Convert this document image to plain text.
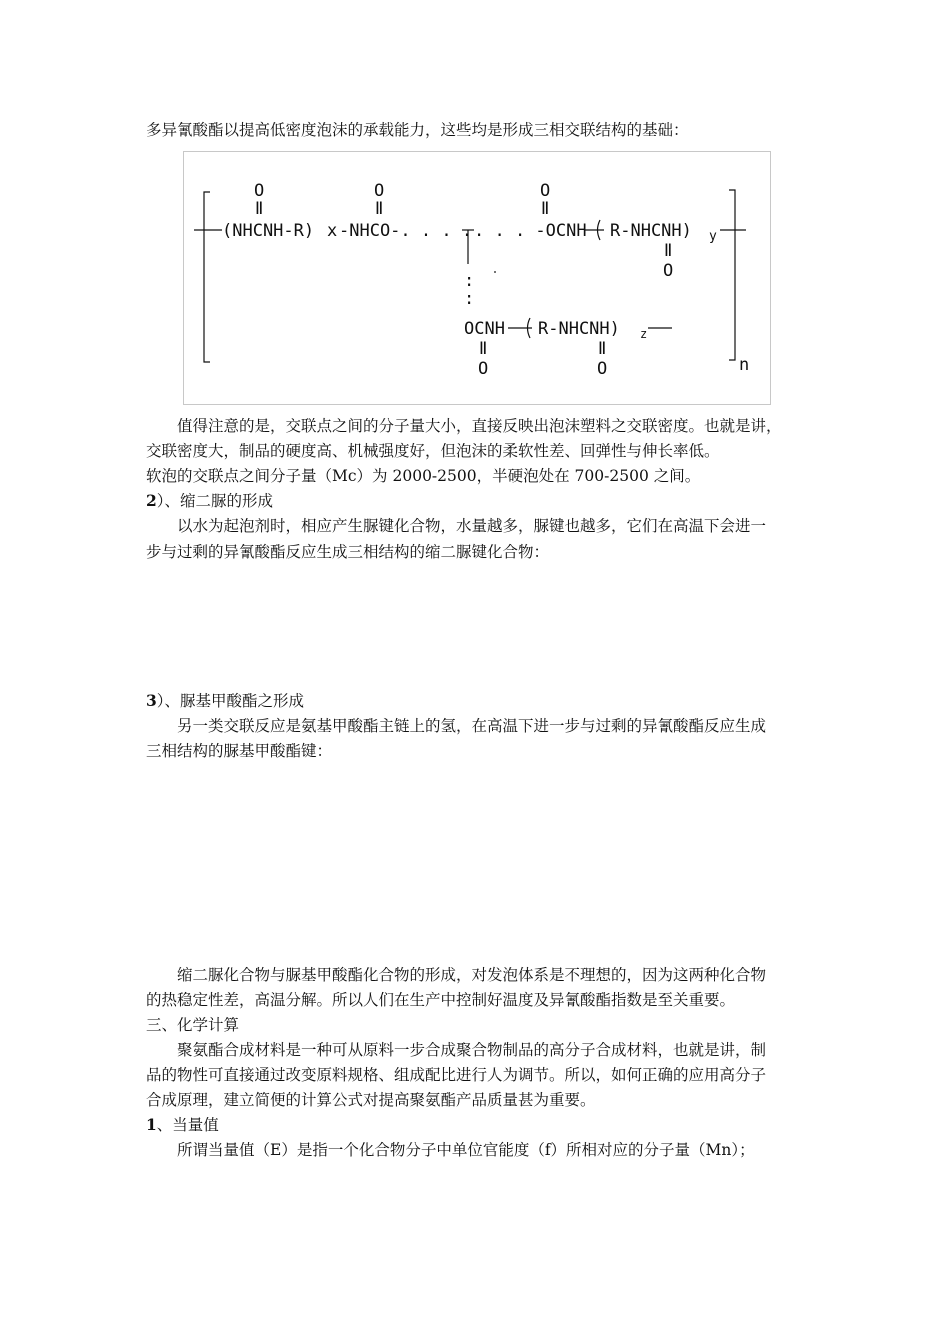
多异氰酸酯以提高低密度泡沫的承载能力，这些均是形成三相交联结构的基础：
O
ǁ
O
ǁ
O
ǁ
(NHCNH-R) x -NHCO-. . . . . . . -OCNH R-NHCNH) y
ǁ
O
:
:
OCNH R-NHCNH) z
ǁ
O
ǁ
O	n
值得注意的是，交联点之间的分子量大小，直接反映出泡沫塑料之交联密度。也就是讲，
交联密度大，制品的硬度高、机械强度好，但泡沫的柔软性差、回弹性与伸长率低。
软泡的交联点之间分子量（Mc）为 2000-2500，半硬泡处在 700-2500 之间。
2）、缩二脲的形成
以水为起泡剂时，相应产生脲键化合物，水量越多，脲键也越多，它们在高温下会进一
步与过剩的异氰酸酯反应生成三相结构的缩二脲键化合物：
3）、脲基甲酸酯之形成
另一类交联反应是氨基甲酸酯主链上的氢，在高温下进一步与过剩的异氰酸酯反应生成
三相结构的脲基甲酸酯键：
缩二脲化合物与脲基甲酸酯化合物的形成，对发泡体系是不理想的，因为这两种化合物
的热稳定性差，高温分解。所以人们在生产中控制好温度及异氰酸酯指数是至关重要。
三、化学计算
聚氨酯合成材料是一种可从原料一步合成聚合物制品的高分子合成材料，也就是讲，制
品的物性可直接通过改变原料规格、组成配比进行人为调节。所以，如何正确的应用高分子
合成原理，建立简便的计算公式对提高聚氨酯产品质量甚为重要。
1、当量值
所谓当量值（E）是指一个化合物分子中单位官能度（f）所相对应的分子量（Mn）；
